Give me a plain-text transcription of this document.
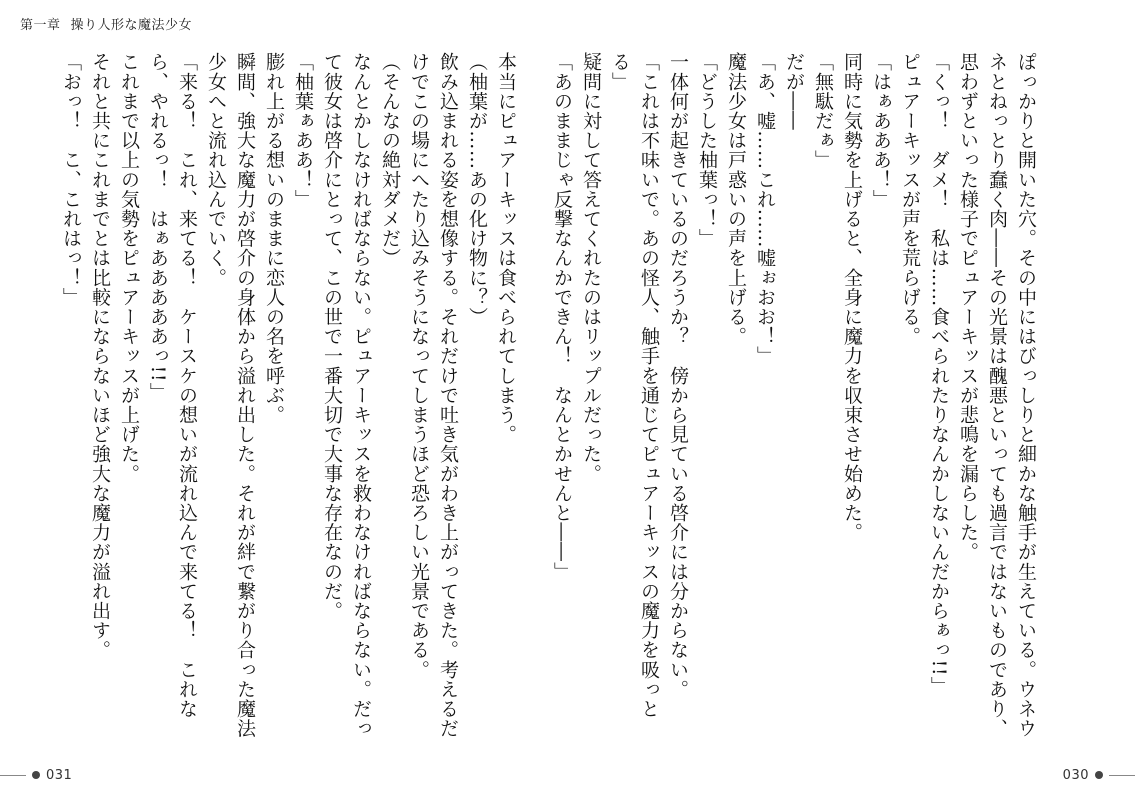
第一章 操り人形な魔法少女

ぽっかりと開いた穴。その中にはびっしりと細かな触手が生えている。ウネウネとねっとり蠢く肉――その光景は醜悪といっても過言ではないものであり、思わずといった様子でピュアーキッスが悲鳴を漏らした。

「くっ！　ダメ！　私は……食べられたりなんかしないんだからぁっ!!」

ピュアーキッスが声を荒らげる。

「はぁあああ！」

同時に気勢を上げると、全身に魔力を収束させ始めた。

「無駄だぁ」

だが――

「あ、嘘……これ……嘘ぉおお！」

魔法少女は戸惑いの声を上げる。

「どうした柚葉っ！」

一体何が起きているのだろうか？　傍から見ている啓介には分からない。

「これは不味いで。あの怪人、触手を通じてピュアーキッスの魔力を吸っとる」

疑問に対して答えてくれたのはリップルだった。

「あのままじゃ反撃なんかできん！　なんとかせんと――」

本当にピュアーキッスは食べられてしまう。

（柚葉が……あの化け物に？）

飲み込まれる姿を想像する。それだけで吐き気がわき上がってきた。考えるだけでこの場にへたり込みそうになってしまうほど恐ろしい光景である。

（そんなの絶対ダメだ）

なんとかしなければならない。ピュアーキッスを救わなければならない。だって彼女は啓介にとって、この世で一番大切で大事な存在なのだ。

「柚葉ぁああ！」

膨れ上がる想いのままに恋人の名を呼ぶ。

瞬間、強大な魔力が啓介の身体から溢れ出した。それが絆で繋がり合った魔法少女へと流れ込んでいく。

「来る！　これ、来てる！　ケースケの想いが流れ込んで来てる！　これなら、やれるっ！　はぁあああああっ!!」

これまで以上の気勢をピュアーキッスが上げた。

それと共にこれまでとは比較にならないほど強大な魔力が溢れ出す。

「おっ！　こ、これはっ！」

031	030
